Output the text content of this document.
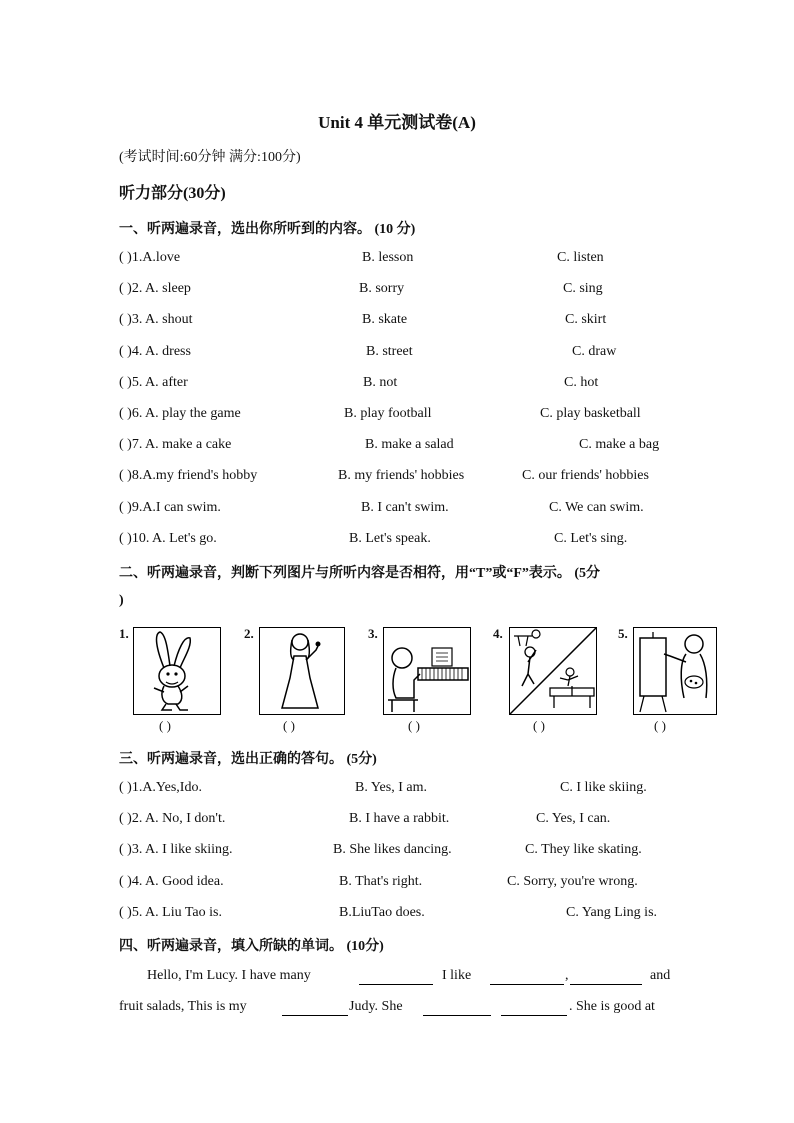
Unit 4 单元测试卷(A)
(考试时间:60分钟 满分:100分)
听力部分(30分)
一、听两遍录音，选出你所听到的内容。 (10 分)
( )1.A.love	B. lesson	C. listen
( )2. A. sleep	B. sorry	C. sing
( )3. A. shout	B. skate	C. skirt
( )4. A. dress	B. street	C. draw
( )5. A. after	B. not	C. hot
( )6. A. play the game	B. play football	C. play basketball
( )7. A. make a cake	B. make a salad	C. make a bag
( )8.A.my friend's hobby	B. my friends' hobbies	C. our friends' hobbies
( )9.A.I can swim.	B. I can't swim.	C. We can swim.
( )10. A. Let's go.	B. Let's speak.	C. Let's sing.
二、听两遍录音，判断下列图片与所听内容是否相符，用“T”或“F”表示。 (5分
)
1.
( )
2.
( )
3.
( )
4.
( )
5.
( )
三、听两遍录音，选出正确的答句。 (5分)
( )1.A.Yes,Ido.	B. Yes, I am.	C. I like skiing.
( )2. A. No, I don't.	B. I have a rabbit.	C. Yes, I can.
( )3. A. I like skiing.	B. She likes dancing.	C. They like skating.
( )4. A. Good idea.	B. That's right.	C. Sorry, you're wrong.
( )5. A. Liu Tao is.	B.LiuTao does.	C. Yang Ling is.
四、听两遍录音，填入所缺的单词。 (10分)
Hello, I'm Lucy. I have many	I like	,	and
fruit salads, This is my	Judy. She	. She is good at
